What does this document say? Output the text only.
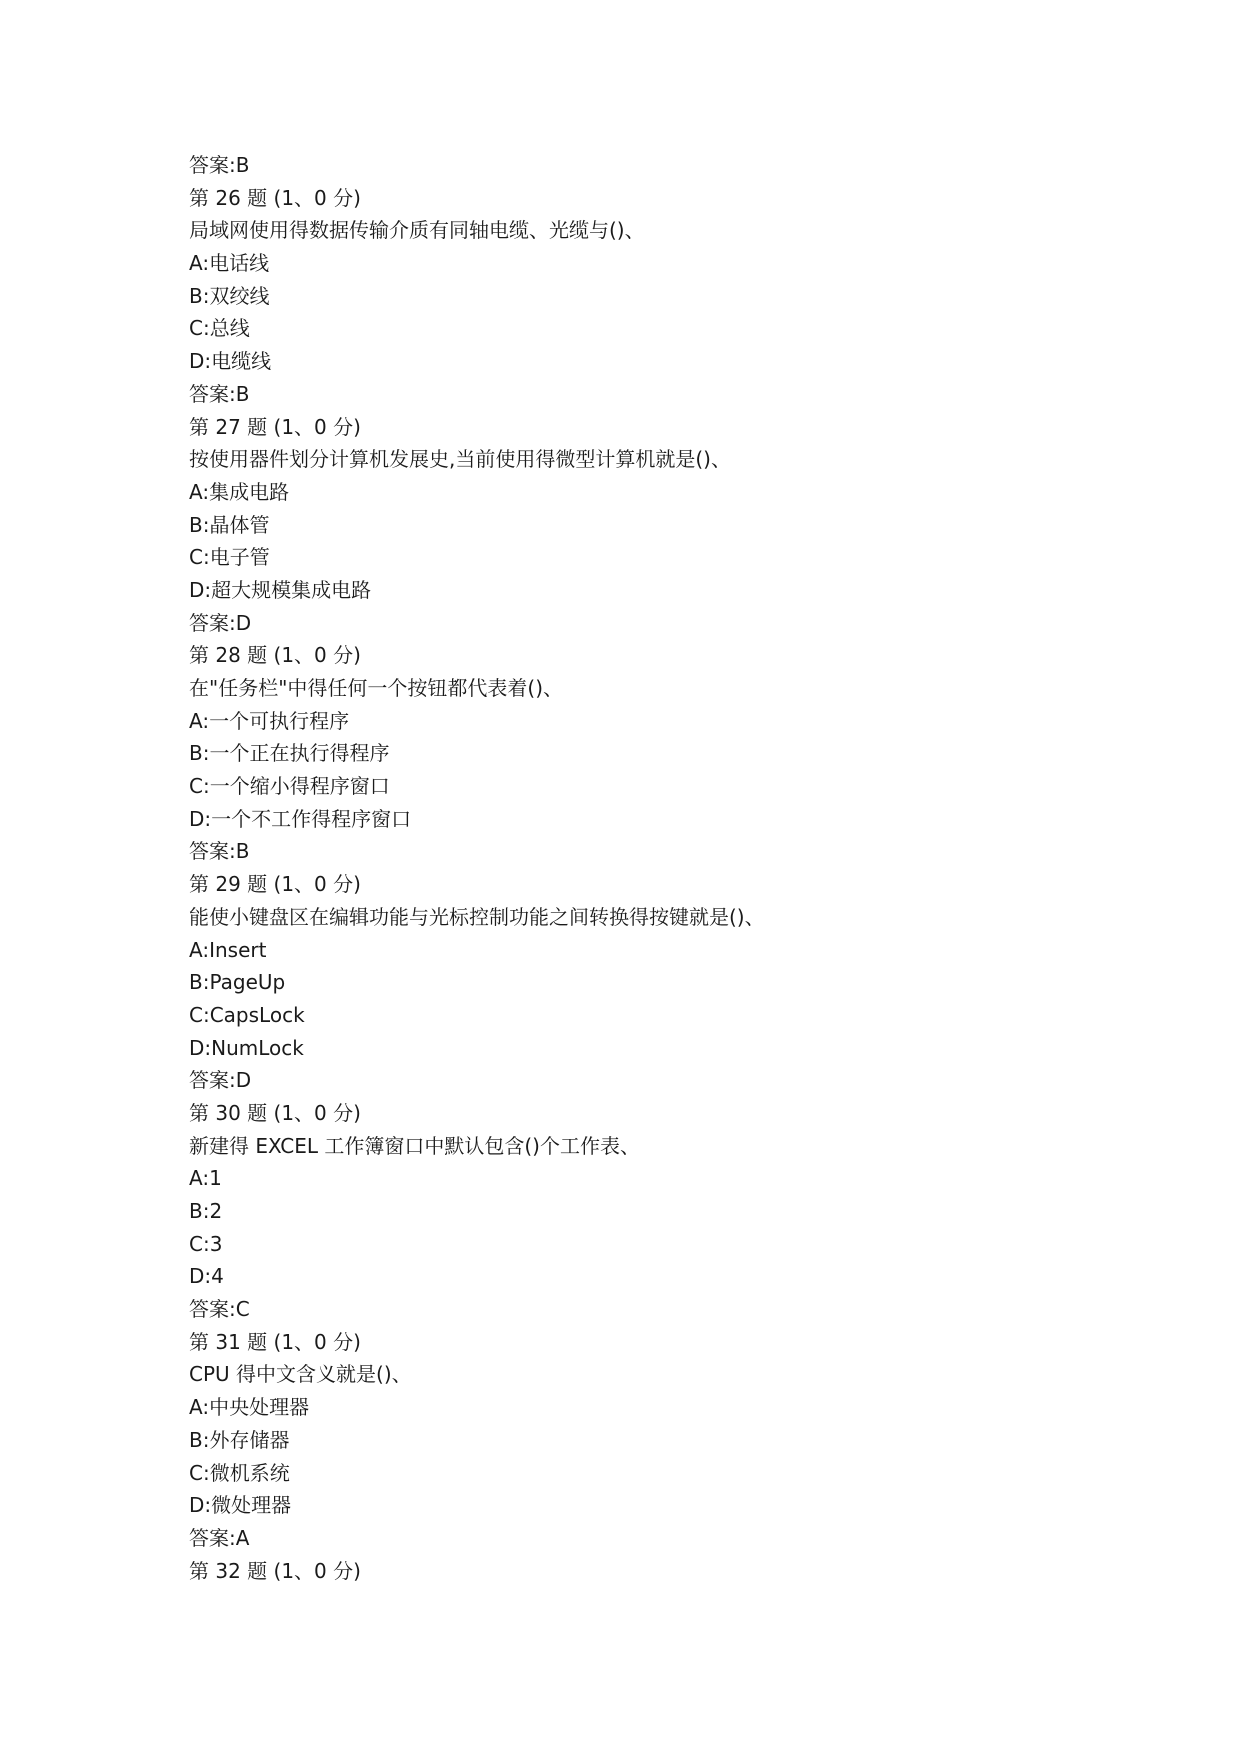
答案:B
第 26 题 (1、0 分)
局域网使用得数据传输介质有同轴电缆、光缆与()、
A:电话线
B:双绞线
C:总线
D:电缆线
答案:B
第 27 题 (1、0 分)
按使用器件划分计算机发展史,当前使用得微型计算机就是()、
A:集成电路
B:晶体管
C:电子管
D:超大规模集成电路
答案:D
第 28 题 (1、0 分)
在"任务栏"中得任何一个按钮都代表着()、
A:一个可执行程序
B:一个正在执行得程序
C:一个缩小得程序窗口
D:一个不工作得程序窗口
答案:B
第 29 题 (1、0 分)
能使小键盘区在编辑功能与光标控制功能之间转换得按键就是()、
A:Insert
B:PageUp
C:CapsLock
D:NumLock
答案:D
第 30 题 (1、0 分)
新建得 EXCEL 工作簿窗口中默认包含()个工作表、
A:1
B:2
C:3
D:4
答案:C
第 31 题 (1、0 分)
CPU 得中文含义就是()、
A:中央处理器
B:外存储器
C:微机系统
D:微处理器
答案:A
第 32 题 (1、0 分)
